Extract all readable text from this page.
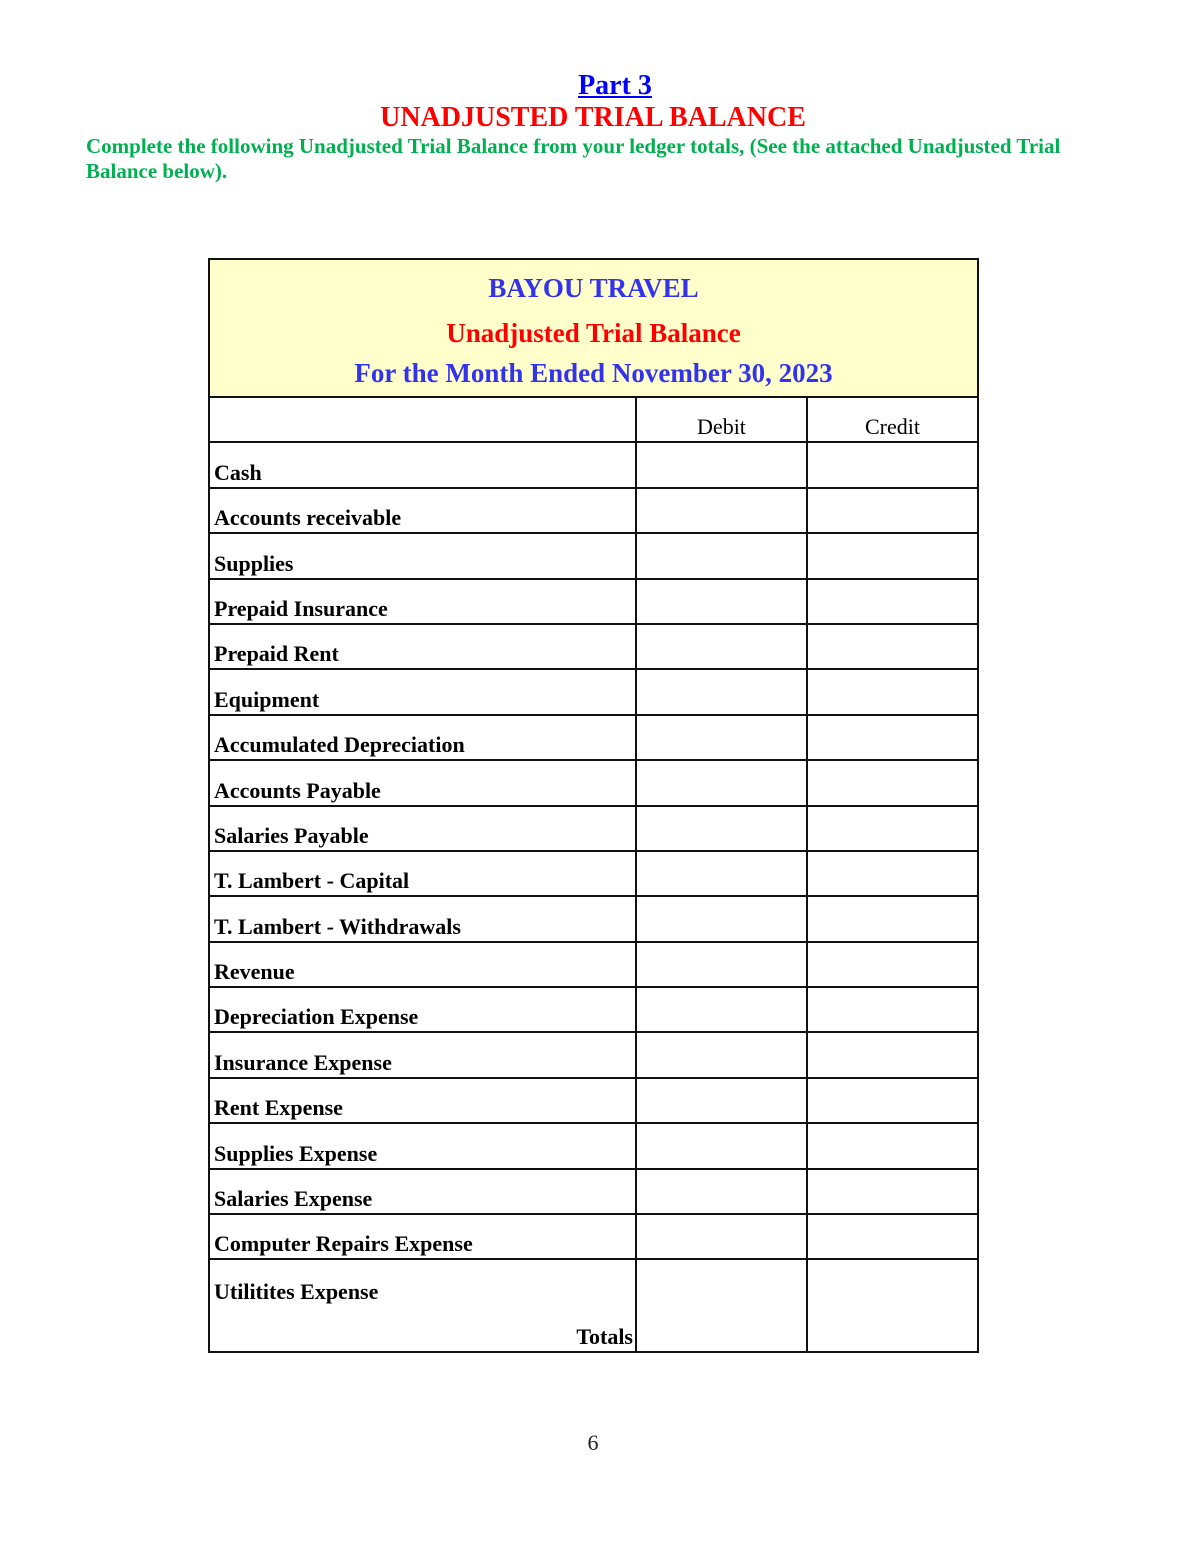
Part 3
UNADJUSTED TRIAL BALANCE
Complete the following Unadjusted Trial Balance from your ledger totals, (See the attached Unadjusted Trial Balance below).
BAYOU TRAVEL
Unadjusted Trial Balance
For the Month Ended November 30, 2023
Debit	Credit
Cash
Accounts receivable
Supplies
Prepaid Insurance
Prepaid Rent
Equipment
Accumulated Depreciation
Accounts Payable
Salaries Payable
T. Lambert - Capital
T. Lambert - Withdrawals
Revenue
Depreciation Expense
Insurance Expense
Rent Expense
Supplies Expense
Salaries Expense
Computer Repairs Expense
Utilitites Expense
Totals
6
